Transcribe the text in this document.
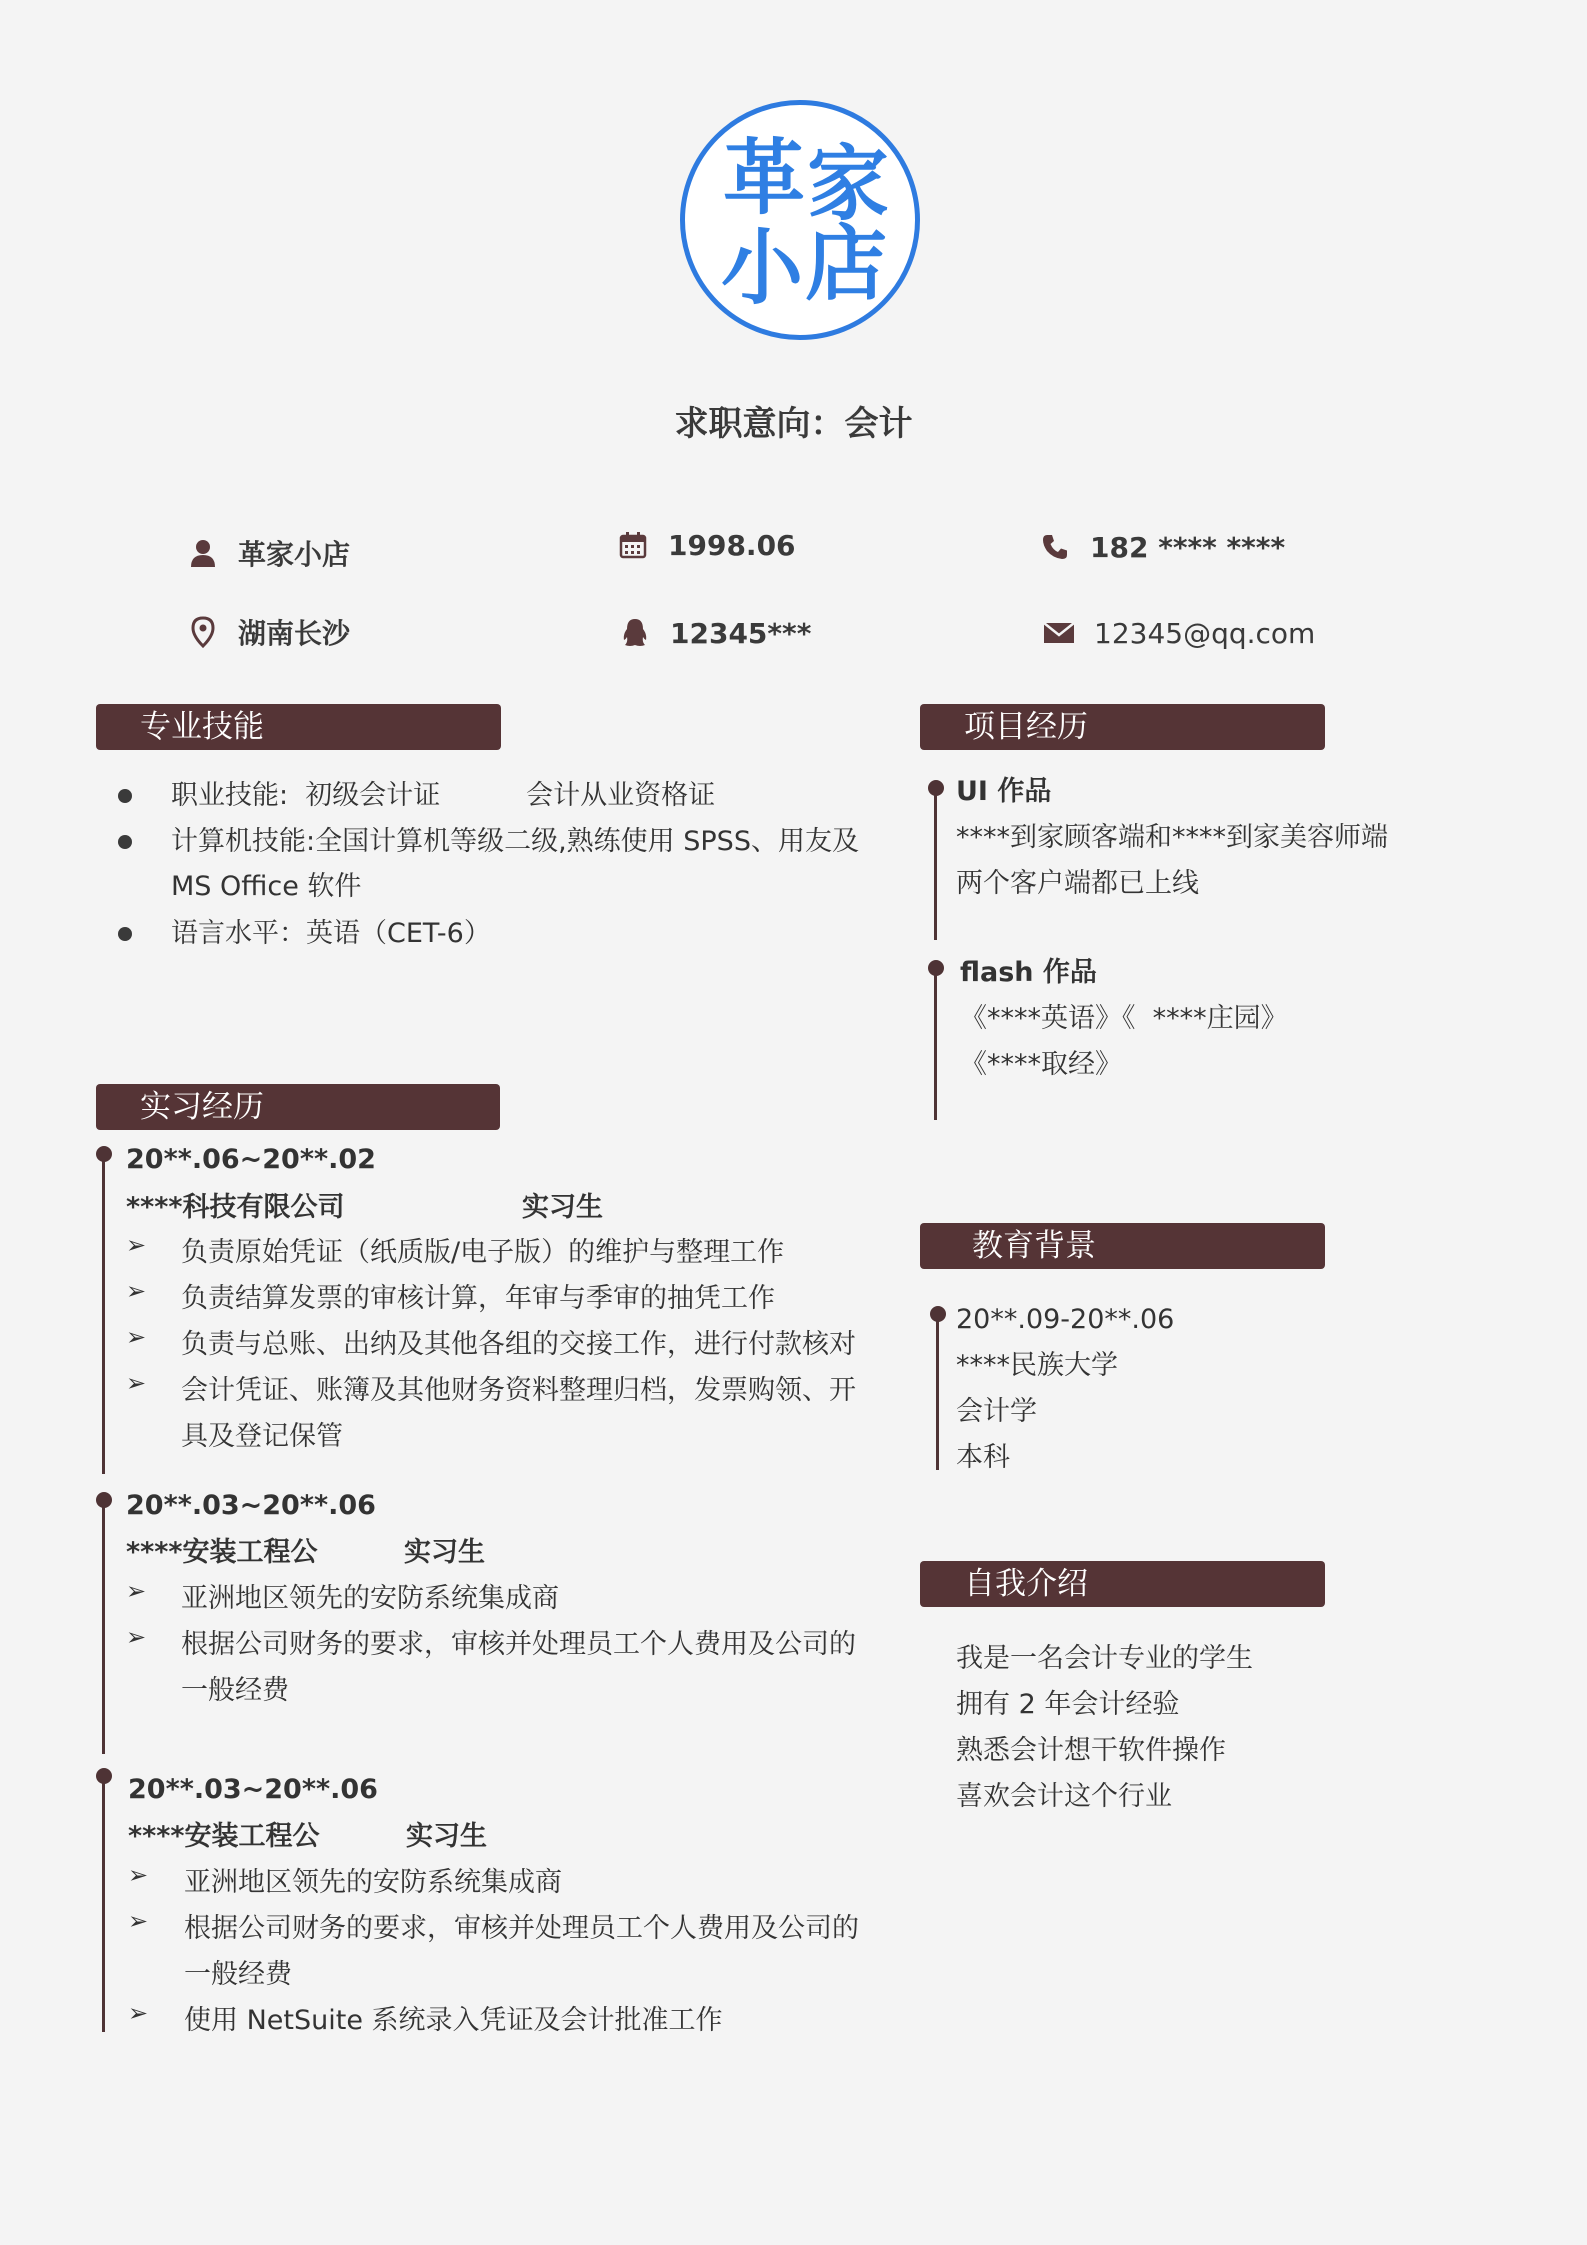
革 家
小 店
求职意向：会计
革家小店	1998.06	182 **** ****
湖南长沙	12345***	12345@qq.com
专业技能
职业技能:  初级会计证          会计从业资格证
计算机技能:全国计算机等级二级,熟练使用 SPSS、用友及
MS Office 软件
语言水平：英语（CET-6）
实习经历
20**.06~20**.02
****科技有限公司	实习生
➢ 负责原始凭证（纸质版/电子版）的维护与整理工作
➢ 负责结算发票的审核计算，年审与季审的抽凭工作
➢ 负责与总账、出纳及其他各组的交接工作，进行付款核对
➢ 会计凭证、账簿及其他财务资料整理归档，发票购领、开
具及登记保管
20**.03~20**.06
****安装工程公	实习生
➢ 亚洲地区领先的安防系统集成商
➢ 根据公司财务的要求，审核并处理员工个人费用及公司的
一般经费
20**.03~20**.06
****安装工程公	实习生
➢ 亚洲地区领先的安防系统集成商
➢ 根据公司财务的要求，审核并处理员工个人费用及公司的
一般经费
➢ 使用 NetSuite 系统录入凭证及会计批准工作
项目经历
UI 作品
****到家顾客端和****到家美容师端
两个客户端都已上线
flash 作品
《****英语》《  ****庄园》
《****取经》
教育背景
20**.09-20**.06
****民族大学
会计学
本科
自我介绍
我是一名会计专业的学生
拥有 2 年会计经验
熟悉会计想干软件操作
喜欢会计这个行业
